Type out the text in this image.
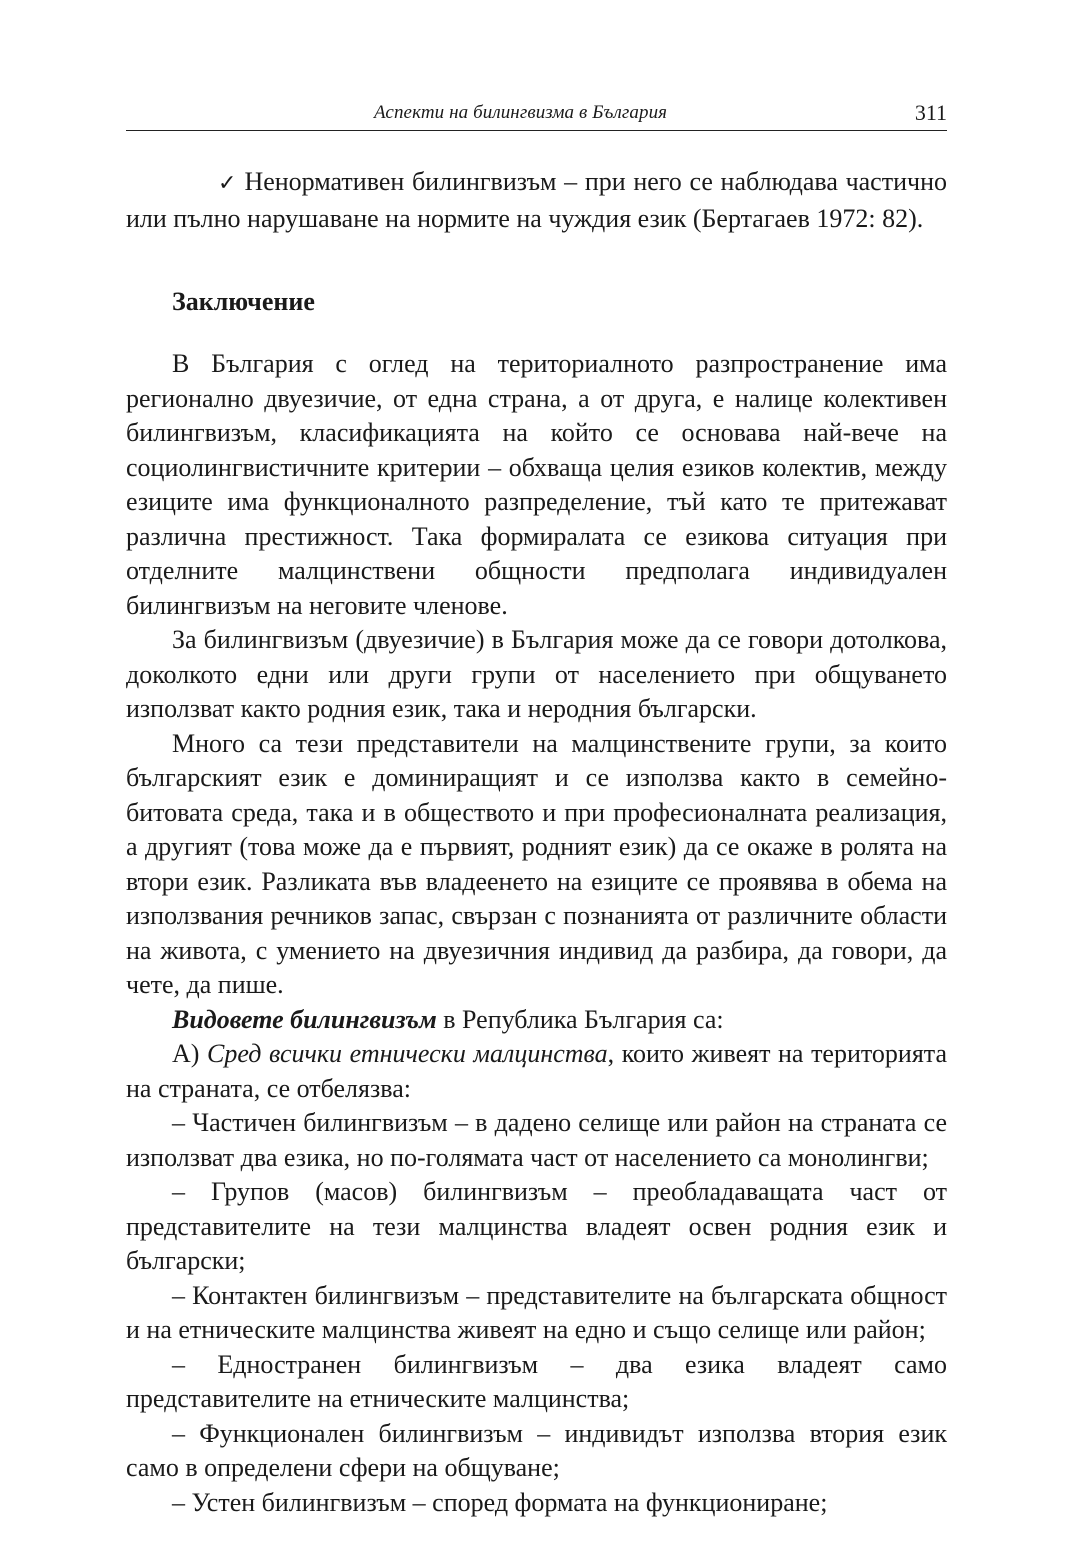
Аспекти на билингвизма в България	311

✓ Ненормативен билингвизъм – при него се наблюдава частично или пълно нарушаване на нормите на чуждия език (Бертагаев 1972: 82).

Заключение

В България с оглед на териториалното разпространение има регионално двуезичие, от една страна, а от друга, е налице колективен билингвизъм, класификацията на който се основава най-вече на социолингвистичните критерии – обхваща целия езиков колектив, между езиците има функционалното разпределение, тъй като те притежават различна престижност. Така формиралата се езикова ситуация при отделните малцинствени общности предполага индивидуален билингвизъм на неговите членове.

За билингвизъм (двуезичие) в България може да се говори дотолкова, доколкото едни или други групи от населението при общуването използват както родния език, така и неродния български.

Много са тези представители на малцинствените групи, за които българският език е доминиращият и се използва както в семейно-битовата среда, така и в обществото и при професионалната реализация, а другият (това може да е първият, родният език) да се окаже в ролята на втори език. Разликата във владеенето на езиците се проявява в обема на използвания речников запас, свързан с познанията от различните области на живота, с умението на двуезичния индивид да разбира, да говори, да чете, да пише.

Видовете билингвизъм в Република България са:

А) Сред всички етнически малцинства, които живеят на територията на страната, се отбелязва:

– Частичен билингвизъм – в дадено селище или район на страната се използват два езика, но по-голямата част от населението са монолингви;

– Групов (масов) билингвизъм – преобладаващата част от представителите на тези малцинства владеят освен родния език и български;

– Контактен билингвизъм – представителите на българската общност и на етническите малцинства живеят на едно и също селище или район;

– Едностранен билингвизъм – два езика владеят само представителите на етническите малцинства;

– Функционален билингвизъм – индивидът използва втория език само в определени сфери на общуване;

– Устен билингвизъм – според формата на функциониране;
